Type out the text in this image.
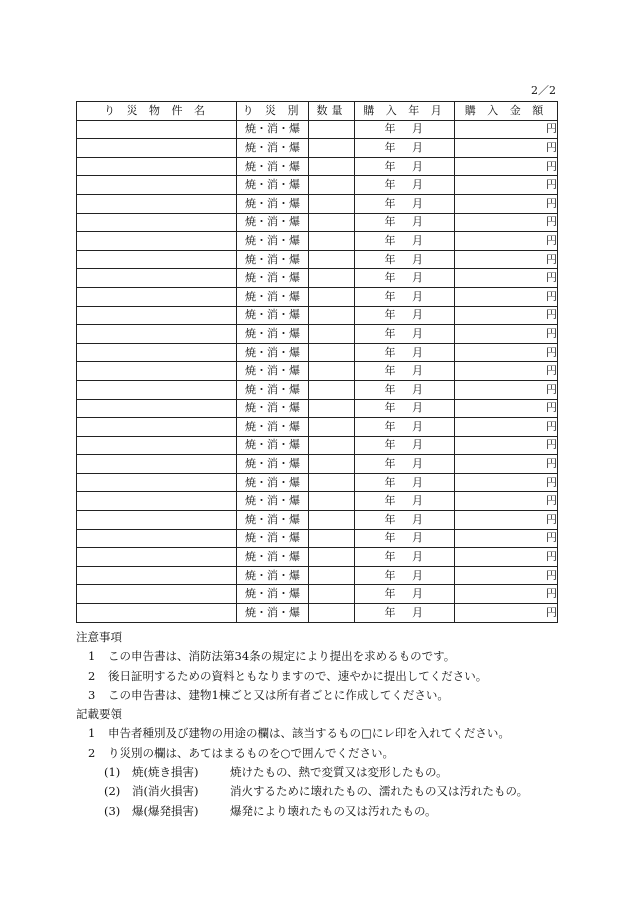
2／2
り 災 物 件 名	り 災 別	数量	購 入 年 月	購 入 金 額
	焼・消・爆		年 月	円
	焼・消・爆		年 月	円
	焼・消・爆		年 月	円
	焼・消・爆		年 月	円
	焼・消・爆		年 月	円
	焼・消・爆		年 月	円
	焼・消・爆		年 月	円
	焼・消・爆		年 月	円
	焼・消・爆		年 月	円
	焼・消・爆		年 月	円
	焼・消・爆		年 月	円
	焼・消・爆		年 月	円
	焼・消・爆		年 月	円
	焼・消・爆		年 月	円
	焼・消・爆		年 月	円
	焼・消・爆		年 月	円
	焼・消・爆		年 月	円
	焼・消・爆		年 月	円
	焼・消・爆		年 月	円
	焼・消・爆		年 月	円
	焼・消・爆		年 月	円
	焼・消・爆		年 月	円
	焼・消・爆		年 月	円
	焼・消・爆		年 月	円
	焼・消・爆		年 月	円
	焼・消・爆		年 月	円
	焼・消・爆		年 月	円

注意事項

1	この申告書は、消防法第34条の規定により提出を求めるものです。
2	後日証明するための資料ともなりますので、速やかに提出してください。
3	この申告書は、建物1棟ごと又は所有者ごとに作成してください。

記載要領

1	申告者種別及び建物の用途の欄は、該当するもの□にレ印を入れてください。
2	り災別の欄は、あてはまるものを○で囲んでください。
(1)	焼(焼き損害)	焼けたもの、熱で変質又は変形したもの。
(2)	消(消火損害)	消火するために壊れたもの、濡れたもの又は汚れたもの。
(3)	爆(爆発損害)	爆発により壊れたもの又は汚れたもの。
